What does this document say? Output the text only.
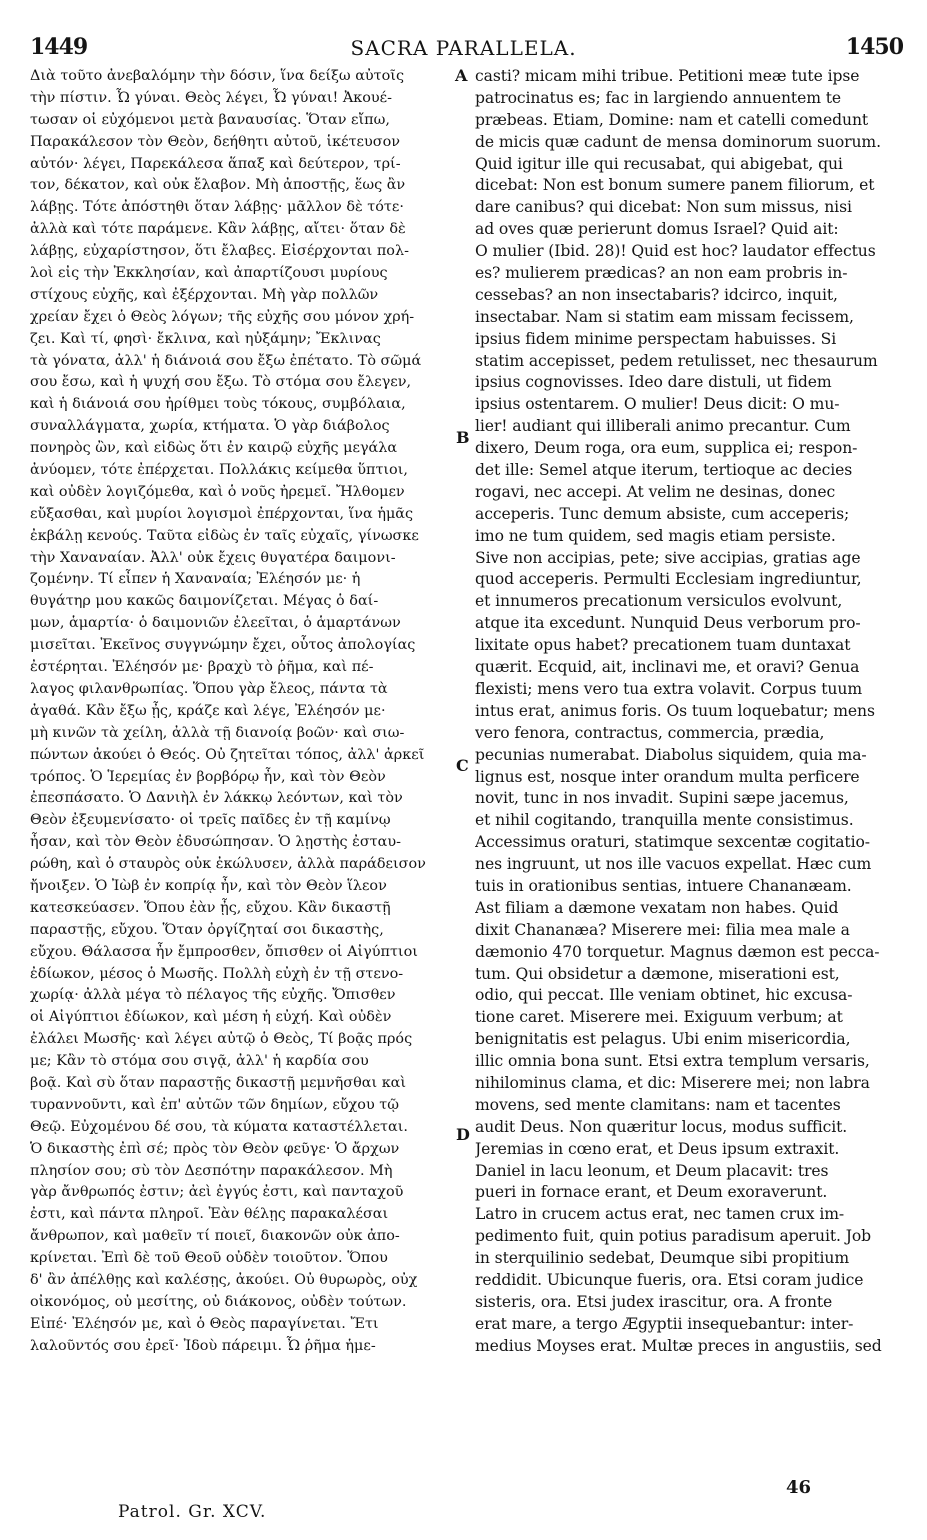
1449	SACRA PARALLELA.	1450
Διὰ τοῦτο ἀνεβαλόμην τὴν δόσιν, ἵνα δείξω αὐτοῖς
τὴν πίστιν. Ὦ γύναι. Θεὸς λέγει, Ὦ γύναι! Ἀκουέ-
τωσαν οἱ εὐχόμενοι μετὰ βαναυσίας. Ὅταν εἴπω,
Παρακάλεσον τὸν Θεὸν, δεήθητι αὐτοῦ, ἱκέτευσον
αὐτόν· λέγει, Παρεκάλεσα ἅπαξ καὶ δεύτερον, τρί-
τον, δέκατον, καὶ οὐκ ἔλαβον. Μὴ ἀποστῇς, ἕως ἂν
λάβῃς. Τότε ἀπόστηθι ὅταν λάβῃς· μᾶλλον δὲ τότε·
ἀλλὰ καὶ τότε παράμενε. Κἂν λάβῃς, αἴτει· ὅταν δὲ
λάβῃς, εὐχαρίστησον, ὅτι ἔλαβες. Εἰσέρχονται πολ-
λοὶ εἰς τὴν Ἐκκλησίαν, καὶ ἀπαρτίζουσι μυρίους
στίχους εὐχῆς, καὶ ἐξέρχονται. Μὴ γὰρ πολλῶν
χρείαν ἔχει ὁ Θεὸς λόγων; τῆς εὐχῆς σου μόνον χρή-
ζει. Καὶ τί, φησὶ· ἔκλινα, καὶ ηὐξάμην; Ἔκλινας
τὰ γόνατα, ἀλλ' ἡ διάνοιά σου ἔξω ἐπέτατο. Τὸ σῶμά
σου ἔσω, καὶ ἡ ψυχή σου ἔξω. Τὸ στόμα σου ἔλεγεν,
καὶ ἡ διάνοιά σου ἠρίθμει τοὺς τόκους, συμβόλαια,
συναλλάγματα, χωρία, κτήματα. Ὁ γὰρ διάβολος
πονηρὸς ὢν, καὶ εἰδὼς ὅτι ἐν καιρῷ εὐχῆς μεγάλα
ἀνύομεν, τότε ἐπέρχεται. Πολλάκις κείμεθα ὕπτιοι,
καὶ οὐδὲν λογιζόμεθα, καὶ ὁ νοῦς ἠρεμεῖ. Ἤλθομεν
εὔξασθαι, καὶ μυρίοι λογισμοὶ ἐπέρχονται, ἵνα ἡμᾶς
ἐκβάλῃ κενούς. Ταῦτα εἰδὼς ἐν ταῖς εὐχαῖς, γίνωσκε
τὴν Χαναναίαν. Ἀλλ' οὐκ ἔχεις θυγατέρα δαιμονι-
ζομένην. Τί εἶπεν ἡ Χαναναία; Ἐλέησόν με· ἡ
θυγάτηρ μου κακῶς δαιμονίζεται. Μέγας ὁ δαί-
μων, ἁμαρτία· ὁ δαιμονιῶν ἐλεεῖται, ὁ ἁμαρτάνων
μισεῖται. Ἐκεῖνος συγγνώμην ἔχει, οὗτος ἀπολογίας
ἐστέρηται. Ἐλέησόν με· βραχὺ τὸ ῥῆμα, καὶ πέ-
λαγος φιλανθρωπίας. Ὅπου γὰρ ἔλεος, πάντα τὰ
ἀγαθά. Κἂν ἔξω ᾖς, κράζε καὶ λέγε, Ἐλέησόν με·
μὴ κινῶν τὰ χείλη, ἀλλὰ τῇ διανοίᾳ βοῶν· καὶ σιω-
πώντων ἀκούει ὁ Θεός. Οὐ ζητεῖται τόπος, ἀλλ' ἀρκεῖ
τρόπος. Ὁ Ἱερεμίας ἐν βορβόρῳ ἦν, καὶ τὸν Θεὸν
ἐπεσπάσατο. Ὁ Δανιὴλ ἐν λάκκῳ λεόντων, καὶ τὸν
Θεὸν ἐξευμενίσατο· οἱ τρεῖς παῖδες ἐν τῇ καμίνῳ
ἦσαν, καὶ τὸν Θεὸν ἐδυσώπησαν. Ὁ λῃστὴς ἐσταυ-
ρώθη, καὶ ὁ σταυρὸς οὐκ ἐκώλυσεν, ἀλλὰ παράδεισον
ἤνοιξεν. Ὁ Ἰὼβ ἐν κοπρίᾳ ἦν, καὶ τὸν Θεὸν ἵλεον
κατεσκεύασεν. Ὅπου ἐὰν ᾖς, εὔχου. Κἂν δικαστῇ
παραστῇς, εὔχου. Ὅταν ὀργίζηταί σοι δικαστὴς,
εὔχου. Θάλασσα ἦν ἔμπροσθεν, ὄπισθεν οἱ Αἰγύπτιοι
ἐδίωκον, μέσος ὁ Μωσῆς. Πολλὴ εὐχὴ ἐν τῇ στενο-
χωρίᾳ· ἀλλὰ μέγα τὸ πέλαγος τῆς εὐχῆς. Ὄπισθεν
οἱ Αἰγύπτιοι ἐδίωκον, καὶ μέση ἡ εὐχή. Καὶ οὐδὲν
ἐλάλει Μωσῆς· καὶ λέγει αὐτῷ ὁ Θεὸς, Τί βοᾷς πρός
με; Κἂν τὸ στόμα σου σιγᾷ, ἀλλ' ἡ καρδία σου
βοᾷ. Καὶ σὺ ὅταν παραστῇς δικαστῇ μεμνῆσθαι καὶ
τυραννοῦντι, καὶ ἐπ' αὐτῶν τῶν δημίων, εὔχου τῷ
Θεῷ. Εὐχομένου δέ σου, τὰ κύματα καταστέλλεται.
Ὁ δικαστὴς ἐπὶ σέ; πρὸς τὸν Θεὸν φεῦγε· Ὁ ἄρχων
πλησίον σου; σὺ τὸν Δεσπότην παρακάλεσον. Μὴ
γὰρ ἄνθρωπός ἐστιν; ἀεὶ ἐγγύς ἐστι, καὶ πανταχοῦ
ἐστι, καὶ πάντα πληροῖ. Ἐὰν θέλῃς παρακαλέσαι
ἄνθρωπον, καὶ μαθεῖν τί ποιεῖ, διακονῶν οὐκ ἀπο-
κρίνεται. Ἐπὶ δὲ τοῦ Θεοῦ οὐδὲν τοιοῦτον. Ὅπου
δ' ἂν ἀπέλθῃς καὶ καλέσῃς, ἀκούει. Οὐ θυρωρὸς, οὐχ
οἰκονόμος, οὐ μεσίτης, οὐ διάκονος, οὐδὲν τούτων.
Εἰπέ· Ἐλέησόν με, καὶ ὁ Θεὸς παραγίνεται. Ἔτι
λαλοῦντός σου ἐρεῖ· Ἰδοὺ πάρειμι. Ὦ ῥῆμα ἡμε-
casti? micam mihi tribue. Petitioni meæ tute ipse
patrocinatus es; fac in largiendo annuentem te
præbeas. Etiam, Domine: nam et catelli comedunt
de micis quæ cadunt de mensa dominorum suorum.
Quid igitur ille qui recusabat, qui abigebat, qui
dicebat: Non est bonum sumere panem filiorum, et
dare canibus? qui dicebat: Non sum missus, nisi
ad oves quæ perierunt domus Israel? Quid ait:
O mulier (Ibid. 28)! Quid est hoc? laudator effectus
es? mulierem prædicas? an non eam probris in-
cessebas? an non insectabaris? idcirco, inquit,
insectabar. Nam si statim eam missam fecissem,
ipsius fidem minime perspectam habuisses. Si
statim accepisset, pedem retulisset, nec thesaurum
ipsius cognovisses. Ideo dare distuli, ut fidem
ipsius ostentarem. O mulier! Deus dicit: O mu-
lier! audiant qui illiberali animo precantur. Cum
dixero, Deum roga, ora eum, supplica ei; respon-
det ille: Semel atque iterum, tertioque ac decies
rogavi, nec accepi. At velim ne desinas, donec
acceperis. Tunc demum absiste, cum acceperis;
imo ne tum quidem, sed magis etiam persiste.
Sive non accipias, pete; sive accipias, gratias age
quod acceperis. Permulti Ecclesiam ingrediuntur,
et innumeros precationum versiculos evolvunt,
atque ita excedunt. Nunquid Deus verborum pro-
lixitate opus habet? precationem tuam duntaxat
quærit. Ecquid, ait, inclinavi me, et oravi? Genua
flexisti; mens vero tua extra volavit. Corpus tuum
intus erat, animus foris. Os tuum loquebatur; mens
vero fenora, contractus, commercia, prædia,
pecunias numerabat. Diabolus siquidem, quia ma-
lignus est, nosque inter orandum multa perficere
novit, tunc in nos invadit. Supini sæpe jacemus,
et nihil cogitando, tranquilla mente consistimus.
Accessimus oraturi, statimque sexcentæ cogitatio-
nes ingruunt, ut nos ille vacuos expellat. Hæc cum
tuis in orationibus sentias, intuere Chananæam.
Ast filiam a dæmone vexatam non habes. Quid
dixit Chananæa? Miserere mei: filia mea male a
dæmonio 470 torquetur. Magnus dæmon est pecca-
tum. Qui obsidetur a dæmone, miserationi est,
odio, qui peccat. Ille veniam obtinet, hic excusa-
tione caret. Miserere mei. Exiguum verbum; at
benignitatis est pelagus. Ubi enim misericordia,
illic omnia bona sunt. Etsi extra templum versaris,
nihilominus clama, et dic: Miserere mei; non labra
movens, sed mente clamitans: nam et tacentes
audit Deus. Non quæritur locus, modus sufficit.
Jeremias in cœno erat, et Deus ipsum extraxit.
Daniel in lacu leonum, et Deum placavit: tres
pueri in fornace erant, et Deum exoraverunt.
Latro in crucem actus erat, nec tamen crux im-
pedimento fuit, quin potius paradisum aperuit. Job
in sterquilinio sedebat, Deumque sibi propitium
reddidit. Ubicunque fueris, ora. Etsi coram judice
sisteris, ora. Etsi judex irascitur, ora. A fronte
erat mare, a tergo Ægyptii insequebantur: inter-
medius Moyses erat. Multæ preces in angustiis, sed
A
B
C
D
Patrol. Gr. XCV.
46
